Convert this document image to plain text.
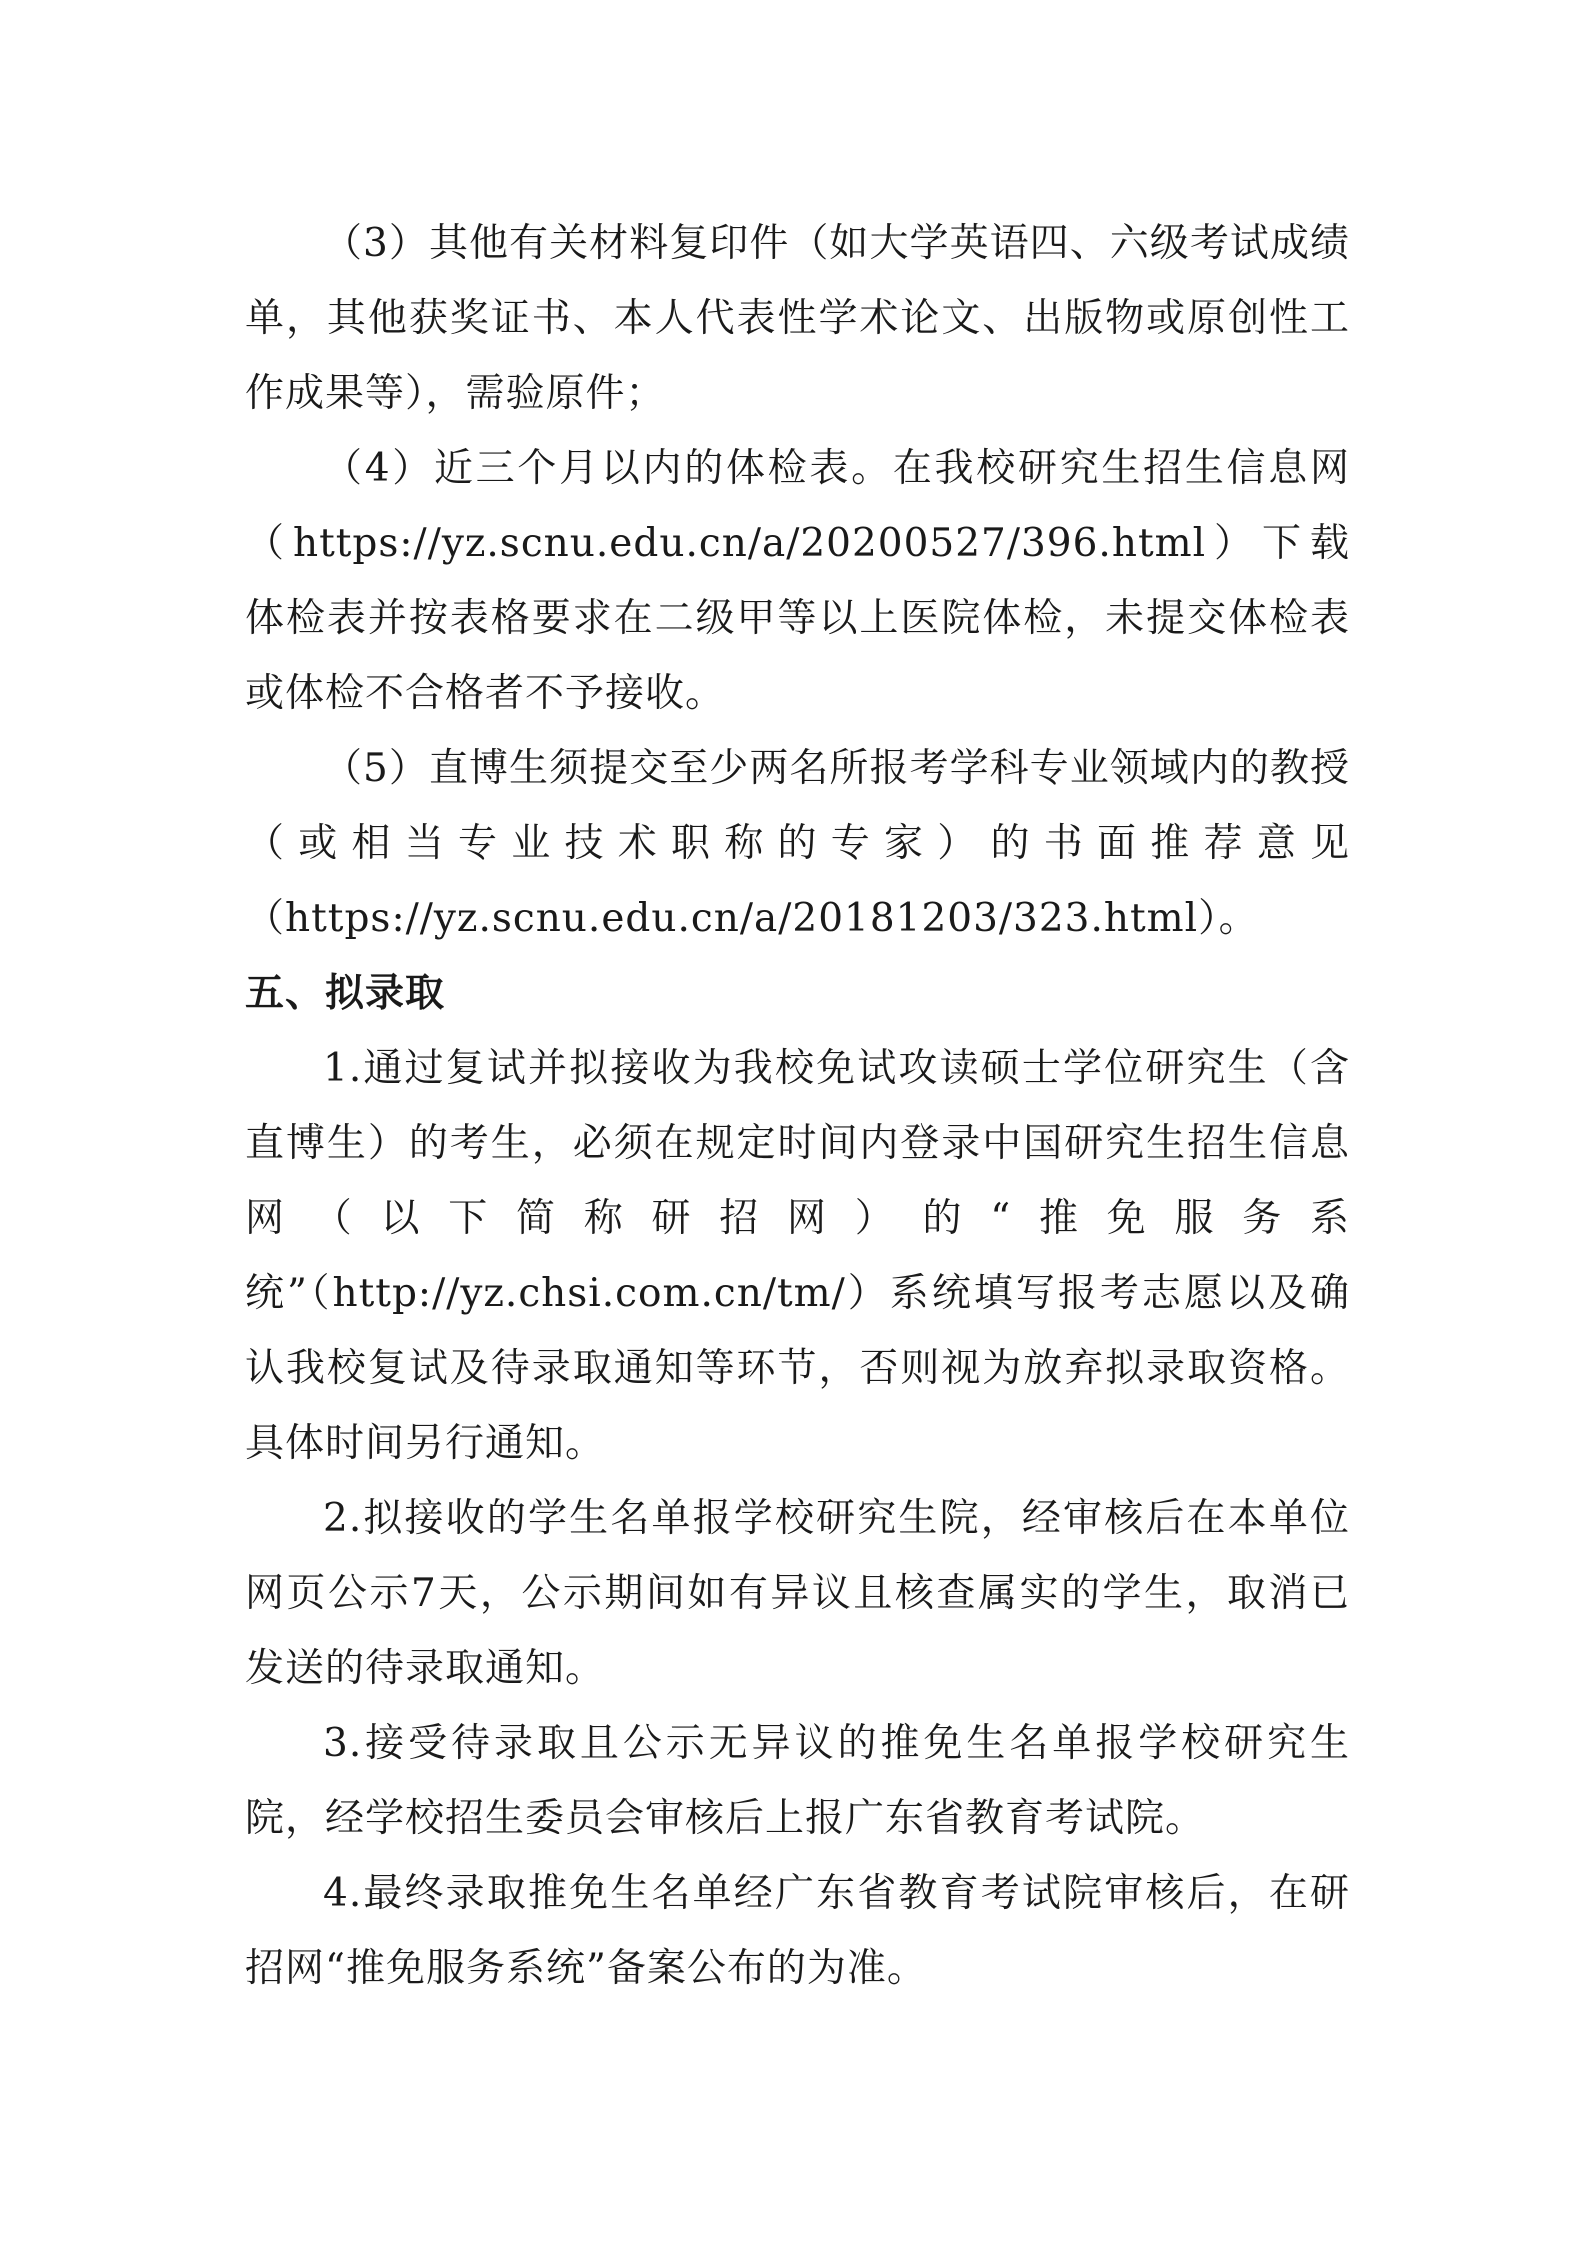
（3）其他有关材料复印件（如大学英语四、六级考试成绩单，其他获奖证书、本人代表性学术论文、出版物或原创性工作成果等），需验原件；

（4）近三个月以内的体检表。在我校研究生招生信息网（https://yz.scnu.edu.cn/a/20200527/396.html）下载体检表并按表格要求在二级甲等以上医院体检，未提交体检表或体检不合格者不予接收。

（5）直博生须提交至少两名所报考学科专业领域内的教授（或相当专业技术职称的专家）的书面推荐意见（https://yz.scnu.edu.cn/a/20181203/323.html）。

五、拟录取

1.通过复试并拟接收为我校免试攻读硕士学位研究生（含直博生）的考生，必须在规定时间内登录中国研究生招生信息网（以下简称研招网）的“推免服务系统”（http://yz.chsi.com.cn/tm/）系统填写报考志愿以及确认我校复试及待录取通知等环节，否则视为放弃拟录取资格。具体时间另行通知。

2.拟接收的学生名单报学校研究生院，经审核后在本单位网页公示7天，公示期间如有异议且核查属实的学生，取消已发送的待录取通知。

3.接受待录取且公示无异议的推免生名单报学校研究生院，经学校招生委员会审核后上报广东省教育考试院。

4.最终录取推免生名单经广东省教育考试院审核后，在研招网“推免服务系统”备案公布的为准。
